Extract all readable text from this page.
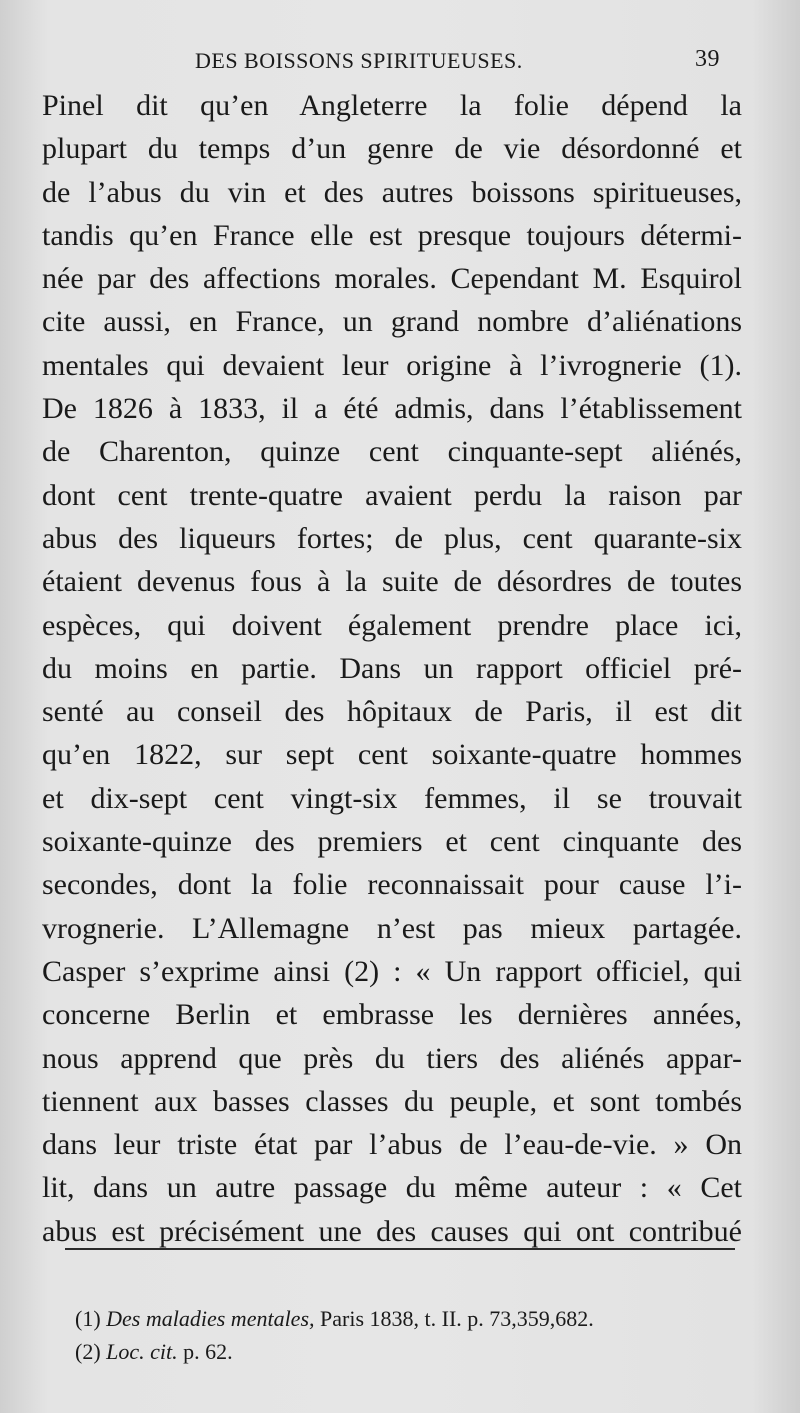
DES BOISSONS SPIRITUEUSES.	39
Pinel dit qu’en Angleterre la folie dépend la
plupart du temps d’un genre de vie désordonné et
de l’abus du vin et des autres boissons spiritueuses,
tandis qu’en France elle est presque toujours détermi-
née par des affections morales. Cependant M. Esquirol
cite aussi, en France, un grand nombre d’aliénations
mentales qui devaient leur origine à l’ivrognerie (1).
De 1826 à 1833, il a été admis, dans l’établissement
de Charenton, quinze cent cinquante-sept aliénés,
dont cent trente-quatre avaient perdu la raison par
abus des liqueurs fortes; de plus, cent quarante-six
étaient devenus fous à la suite de désordres de toutes
espèces, qui doivent également prendre place ici,
du moins en partie. Dans un rapport officiel pré-
senté au conseil des hôpitaux de Paris, il est dit
qu’en 1822, sur sept cent soixante-quatre hommes
et dix-sept cent vingt-six femmes, il se trouvait
soixante-quinze des premiers et cent cinquante des
secondes, dont la folie reconnaissait pour cause l’i-
vrognerie. L’Allemagne n’est pas mieux partagée.
Casper s’exprime ainsi (2) : « Un rapport officiel, qui
concerne Berlin et embrasse les dernières années,
nous apprend que près du tiers des aliénés appar-
tiennent aux basses classes du peuple, et sont tombés
dans leur triste état par l’abus de l’eau-de-vie. » On
lit, dans un autre passage du même auteur : « Cet
abus est précisément une des causes qui ont contribué
(1) Des maladies mentales, Paris 1838, t. II. p. 73,359,682.
(2) Loc. cit. p. 62.
